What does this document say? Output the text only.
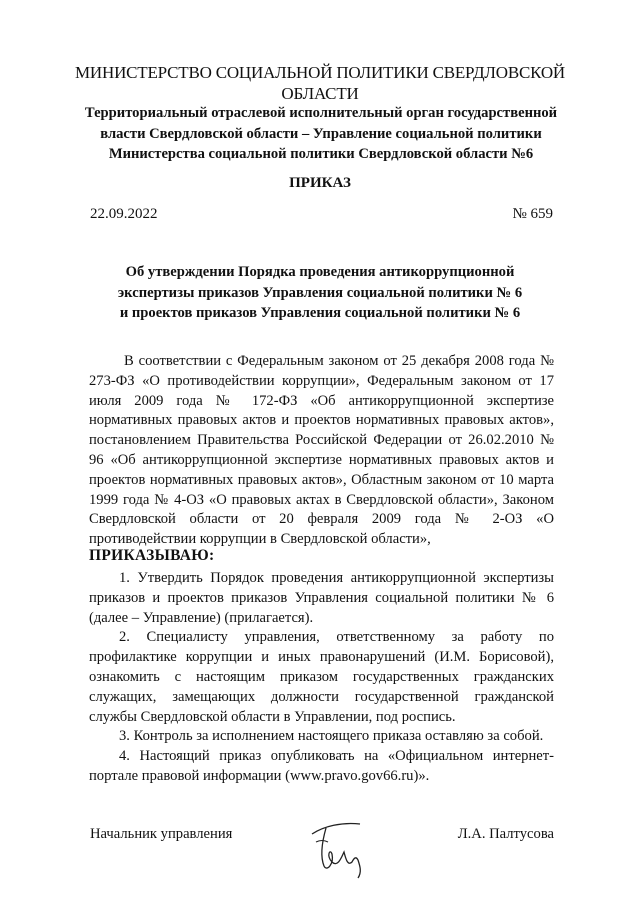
МИНИСТЕРСТВО СОЦИАЛЬНОЙ ПОЛИТИКИ СВЕРДЛОВСКОЙ
ОБЛАСТИ
Территориальный отраслевой исполнительный орган государственной
власти Свердловской области – Управление социальной политики
Министерства социальной политики Свердловской области №6
ПРИКАЗ
22.09.2022	№ 659
Об утверждении Порядка проведения антикоррупционной
экспертизы приказов Управления социальной политики № 6
и проектов приказов Управления социальной политики № 6

В соответствии с Федеральным законом от 25 декабря 2008 года № 273-ФЗ «О противодействии коррупции», Федеральным законом от 17 июля 2009 года № 172-ФЗ «Об антикоррупционной экспертизе нормативных правовых актов и проектов нормативных правовых актов», постановлением Правительства Российской Федерации от 26.02.2010 № 96 «Об антикоррупционной экспертизе нормативных правовых актов и проектов нормативных правовых актов», Областным законом от 10 марта 1999 года № 4-ОЗ «О правовых актах в Свердловской области», Законом Свердловской области от 20 февраля 2009 года № 2-ОЗ «О противодействии коррупции в Свердловской области»,

ПРИКАЗЫВАЮ:

1. Утвердить Порядок проведения антикоррупционной экспертизы приказов и проектов приказов Управления социальной политики № 6 (далее – Управление) (прилагается).

2. Специалисту управления, ответственному за работу по профилактике коррупции и иных правонарушений (И.М. Борисовой), ознакомить с настоящим приказом государственных гражданских служащих, замещающих должности государственной гражданской службы Свердловской области в Управлении, под роспись.

3. Контроль за исполнением настоящего приказа оставляю за собой.

4. Настоящий приказ опубликовать на «Официальном интернет-портале правовой информации (www.pravo.gov66.ru)».

Начальник управления	Л.А. Палтусова
